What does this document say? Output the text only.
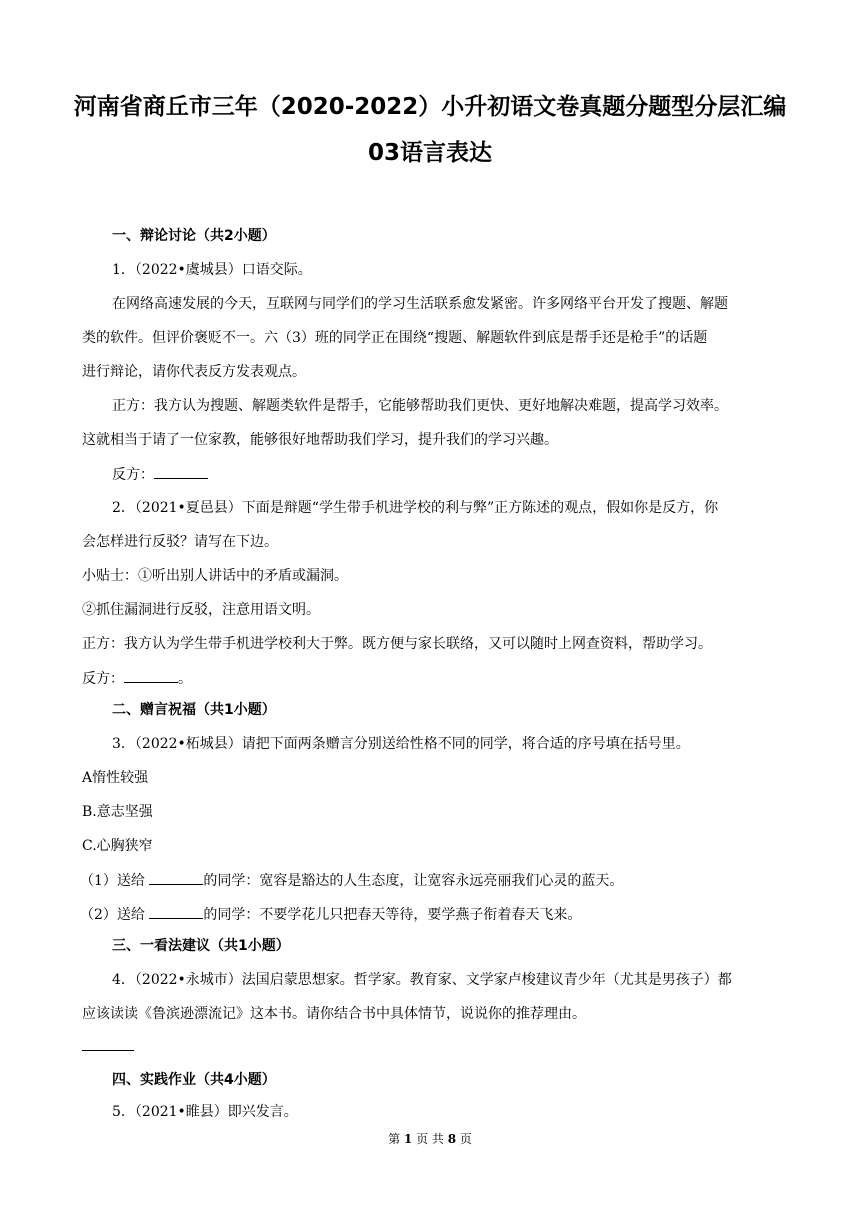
河南省商丘市三年（2020-2022）小升初语文卷真题分题型分层汇编
03语言表达
一、辩论讨论（共2小题）
1．（2022•虞城县）口语交际。
在网络高速发展的今天，互联网与同学们的学习生活联系愈发紧密。许多网络平台开发了搜题、解题
类的软件。但评价褒贬不一。六（3）班的同学正在围绕“搜题、解题软件到底是帮手还是枪手”的话题
进行辩论，请你代表反方发表观点。
正方：我方认为搜题、解题类软件是帮手，它能够帮助我们更快、更好地解决难题，提高学习效率。
这就相当于请了一位家教，能够很好地帮助我们学习，提升我们的学习兴趣。
反方：
2．（2021•夏邑县）下面是辩题“学生带手机进学校的利与弊”正方陈述的观点，假如你是反方，你
会怎样进行反驳？请写在下边。
小贴士：①听出别人讲话中的矛盾或漏洞。
②抓住漏洞进行反驳，注意用语文明。
正方：我方认为学生带手机进学校利大于弊。既方便与家长联络，又可以随时上网查资料，帮助学习。
反方：	。
二、赠言祝福（共1小题）
3．（2022•柘城县）请把下面两条赠言分别送给性格不同的同学，将合适的序号填在括号里。
A惰性较强
B.意志坚强
C.心胸狭窄
（1）送给	的同学：宽容是豁达的人生态度，让宽容永远亮丽我们心灵的蓝天。
（2）送给	的同学：不要学花儿只把春天等待，要学燕子衔着春天飞来。
三、一看法建议（共1小题）
4．（2022•永城市）法国启蒙思想家。哲学家。教育家、文学家卢梭建议青少年（尤其是男孩子）都
应该读读《鲁滨逊漂流记》这本书。请你结合书中具体情节，说说你的推荐理由。
四、实践作业（共4小题）
5．（2021•睢县）即兴发言。
第 1 页 共 8 页
